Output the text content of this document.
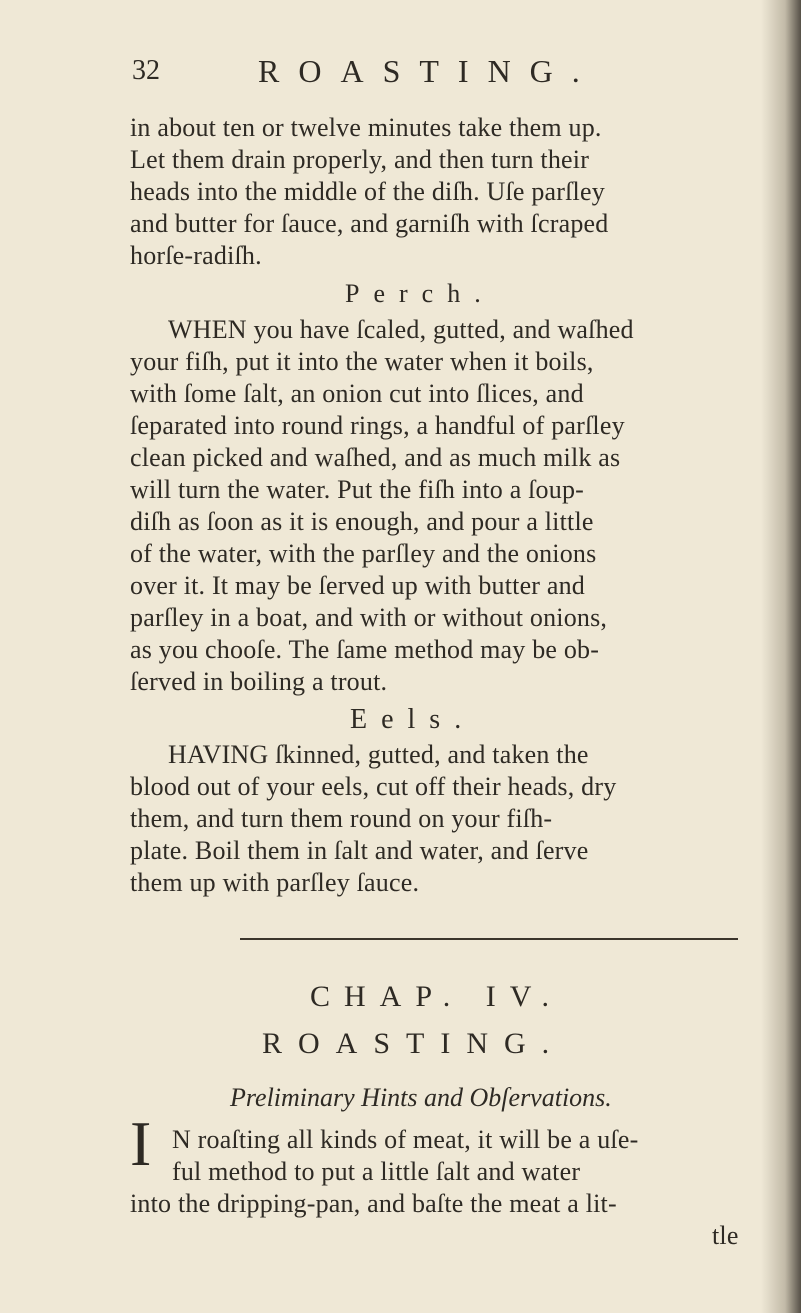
32	ROASTING.
in about ten or twelve minutes take them up.
Let them drain properly, and then turn their
heads into the middle of the diſh. Uſe parſley
and butter for ſauce, and garniſh with ſcraped
horſe-radiſh.
Perch.
WHEN you have ſcaled, gutted, and waſhed
your fiſh, put it into the water when it boils,
with ſome ſalt, an onion cut into ſlices, and
ſeparated into round rings, a handful of parſley
clean picked and waſhed, and as much milk as
will turn the water. Put the fiſh into a ſoup-
diſh as ſoon as it is enough, and pour a little
of the water, with the parſley and the onions
over it. It may be ſerved up with butter and
parſley in a boat, and with or without onions,
as you chooſe. The ſame method may be ob-
ſerved in boiling a trout.
Eels.
HAVING ſkinned, gutted, and taken the
blood out of your eels, cut off their heads, dry
them, and turn them round on your fiſh-
plate. Boil them in ſalt and water, and ſerve
them up with parſley ſauce.
CHAP. IV.
ROASTING.
Preliminary Hints and Obſervations.
I N roaſting all kinds of meat, it will be a uſe-
ful method to put a little ſalt and water
into the dripping-pan, and baſte the meat a lit-
tle
